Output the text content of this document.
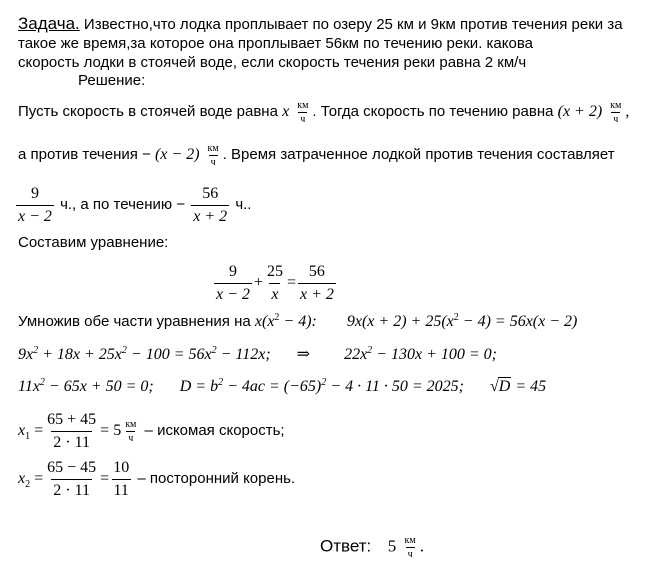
Задача. Известно,что лодка проплывает по озеру 25 км и 9км против течения реки за
такое же время,за которое она проплывает 56км по течению реки. какова
скорость лодки в стоячей воде, если скорость течения реки равна 2 км/ч
Решение:
Пусть скорость в стоячей воде равна x $\frac{км}{ч}$ . Тогда скорость по течению равна $(x + 2) \frac{км}{ч}$ ,
а против течения − $(x - 2) \frac{км}{ч}$ . Время затраченное лодкой против течения составляет
$\frac{9}{x - 2} ч$., а по течению − $\frac{56}{x + 2} ч$..
Составим уравнение:
$\frac{9}{x - 2} + \frac{25}{x} = \frac{56}{x + 2}$
Умножив обе части уравнения на $x(x^2 - 4)$: $9x(x + 2) + 25(x^2 - 4) = 56x(x - 2)$
$9x^2 + 18x + 25x^2 - 100 = 56x^2 - 112x$; ⇒ $22x^2 - 130x + 100 = 0$;
$11x^2 - 65x + 50 = 0$; $D = b^2 - 4ac = (-65)^2 - 4 \cdot 11 \cdot 50 = 2025$; √D = 45
$x_1 = \frac{65 + 45}{2 \cdot 11} = 5 \frac{км}{ч}$ – искомая скорость;
$x_2 = \frac{65 - 45}{2 \cdot 11} = \frac{10}{11}$ – посторонний корень.
Ответ: $5 \frac{км}{ч}$ .
